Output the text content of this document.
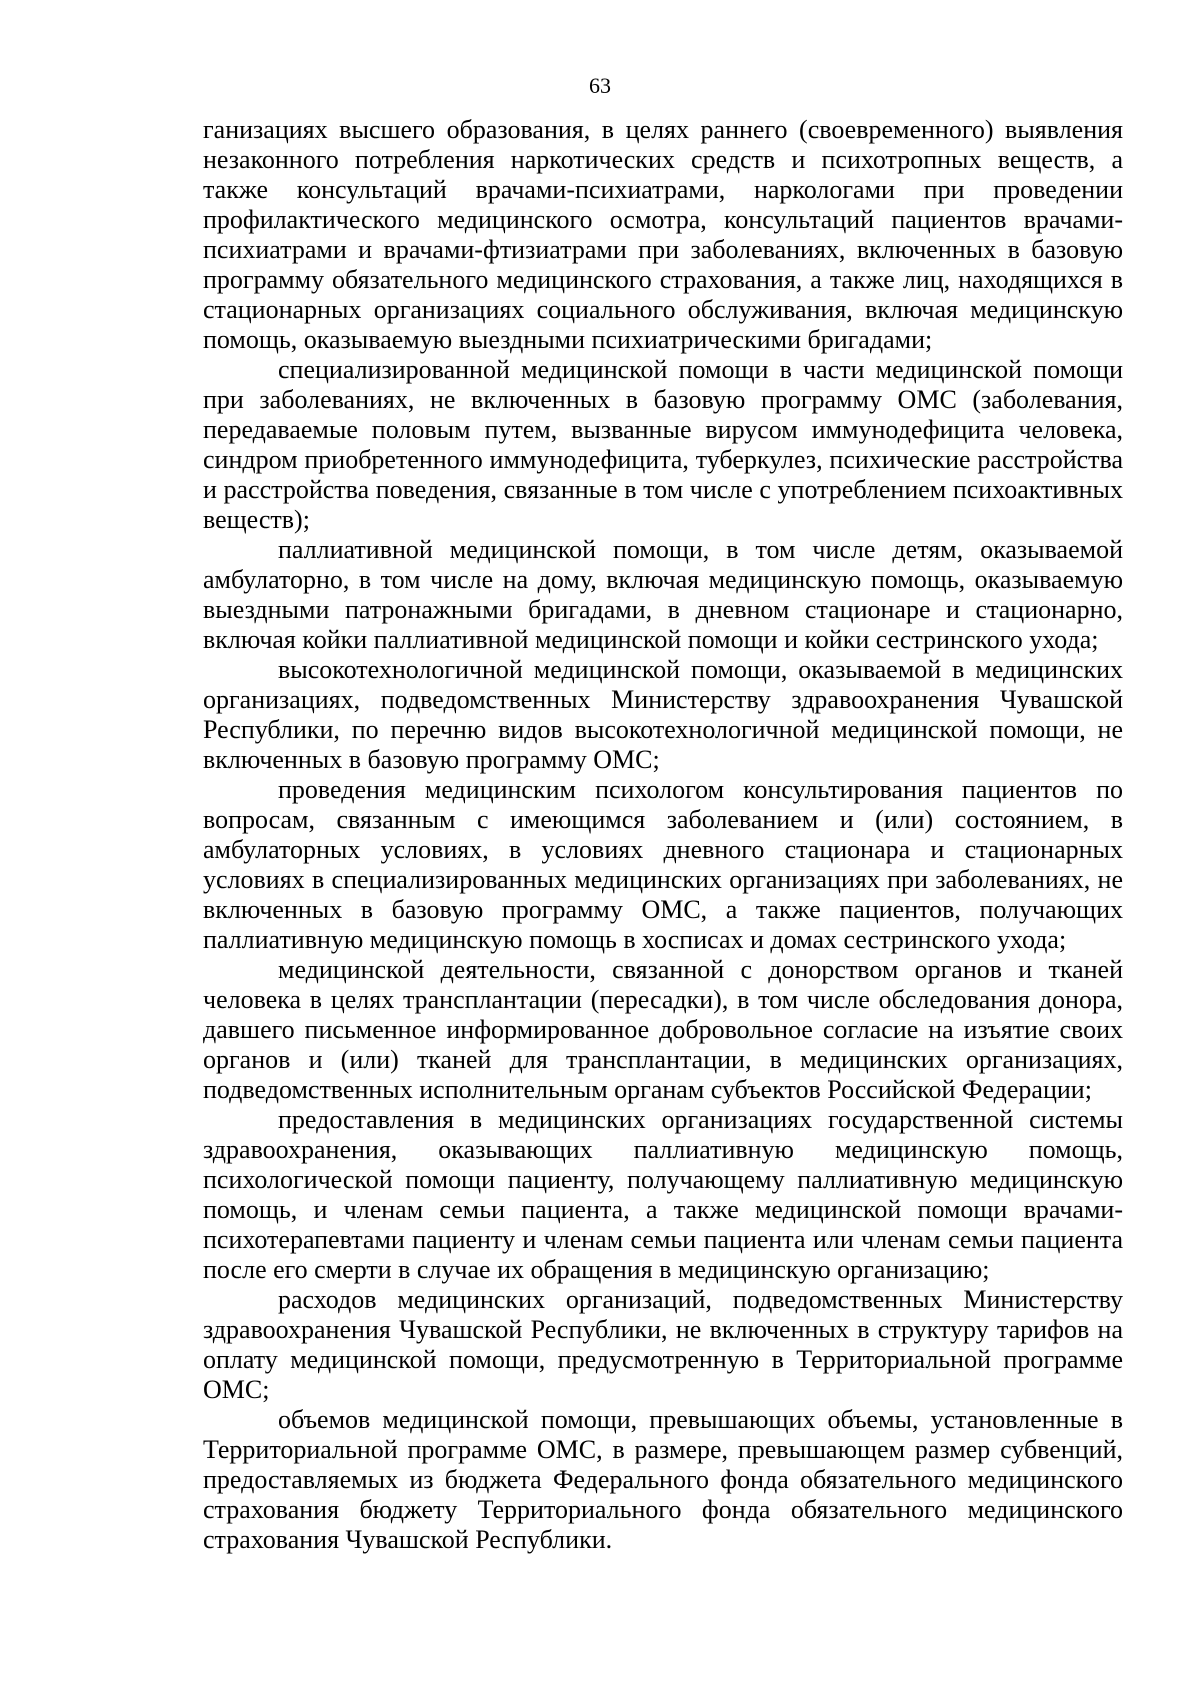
63

ганизациях высшего образования, в целях раннего (своевременного) выявления незаконного потребления наркотических средств и психотропных веществ, а также консультаций врачами-психиатрами, наркологами при проведении профилактического медицинского осмотра, консультаций пациентов врачами-психиатрами и врачами-фтизиатрами при заболеваниях, включенных в базовую программу обязательного медицинского страхования, а также лиц, находящихся в стационарных организациях социального обслуживания, включая медицинскую помощь, оказываемую выездными психиатрическими бригадами;

специализированной медицинской помощи в части медицинской помощи при заболеваниях, не включенных в базовую программу ОМС (заболевания, передаваемые половым путем, вызванные вирусом иммунодефицита человека, синдром приобретенного иммунодефицита, туберкулез, психические расстройства и расстройства поведения, связанные в том числе с употреблением психоактивных веществ);

паллиативной медицинской помощи, в том числе детям, оказываемой амбулаторно, в том числе на дому, включая медицинскую помощь, оказываемую выездными патронажными бригадами, в дневном стационаре и стационарно, включая койки паллиативной медицинской помощи и койки сестринского ухода;

высокотехнологичной медицинской помощи, оказываемой в медицинских организациях, подведомственных Министерству здравоохранения Чувашской Республики, по перечню видов высокотехнологичной медицинской помощи, не включенных в базовую программу ОМС;

проведения медицинским психологом консультирования пациентов по вопросам, связанным с имеющимся заболеванием и (или) состоянием, в амбулаторных условиях, в условиях дневного стационара и стационарных условиях в специализированных медицинских организациях при заболеваниях, не включенных в базовую программу ОМС, а также пациентов, получающих паллиативную медицинскую помощь в хосписах и домах сестринского ухода;

медицинской деятельности, связанной с донорством органов и тканей человека в целях трансплантации (пересадки), в том числе обследования донора, давшего письменное информированное добровольное согласие на изъятие своих органов и (или) тканей для трансплантации, в медицинских организациях, подведомственных исполнительным органам субъектов Российской Федерации;

предоставления в медицинских организациях государственной системы здравоохранения, оказывающих паллиативную медицинскую помощь, психологической помощи пациенту, получающему паллиативную медицинскую помощь, и членам семьи пациента, а также медицинской помощи врачами-психотерапевтами пациенту и членам семьи пациента или членам семьи пациента после его смерти в случае их обращения в медицинскую организацию;

расходов медицинских организаций, подведомственных Министерству здравоохранения Чувашской Республики, не включенных в структуру тарифов на оплату медицинской помощи, предусмотренную в Территориальной программе ОМС;

объемов медицинской помощи, превышающих объемы, установленные в Территориальной программе ОМС, в размере, превышающем размер субвенций, предоставляемых из бюджета Федерального фонда обязательного медицинского страхования бюджету Территориального фонда обязательного медицинского страхования Чувашской Республики.
